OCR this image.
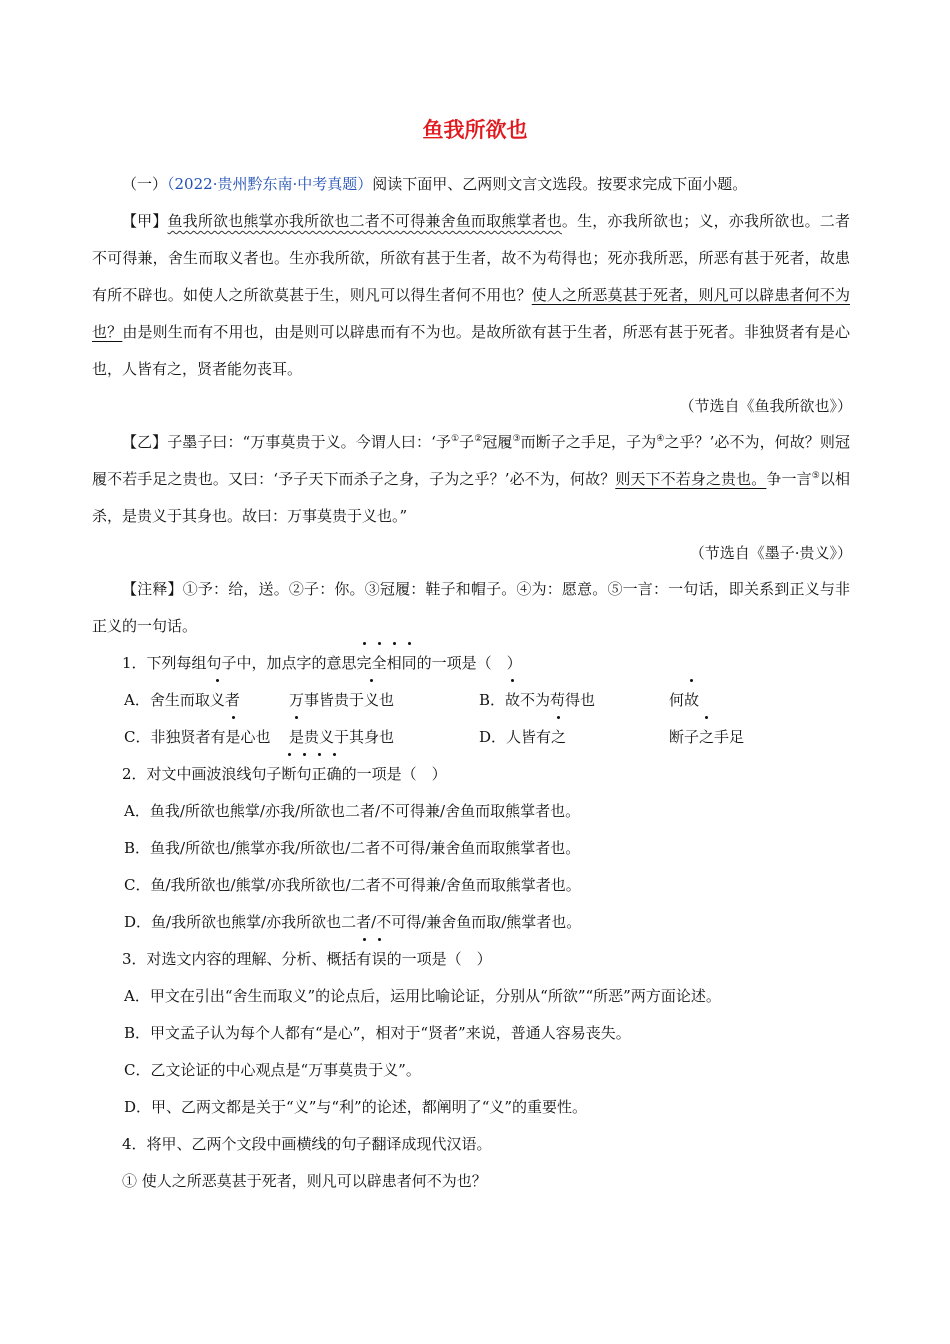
鱼我所欲也
（一）（2022·贵州黔东南·中考真题）阅读下面甲、乙两则文言文选段。按要求完成下面小题。
【甲】鱼我所欲也熊掌亦我所欲也二者不可得兼舍鱼而取熊掌者也。生，亦我所欲也；义，亦我所欲也。二者不可得兼，舍生而取义者也。生亦我所欲，所欲有甚于生者，故不为苟得也；死亦我所恶，所恶有甚于死者，故患有所不辟也。如使人之所欲莫甚于生，则凡可以得生者何不用也？使人之所恶莫甚于死者，则凡可以辟患者何不为也？由是则生而有不用也，由是则可以辟患而有不为也。是故所欲有甚于生者，所恶有甚于死者。非独贤者有是心也，人皆有之，贤者能勿丧耳。
（节选自《鱼我所欲也》）
【乙】子墨子曰：“万事莫贵于义。今谓人曰：‘予①子②冠履③而断子之手足，子为④之乎？’必不为，何故？则冠履不若手足之贵也。又曰：‘予子天下而杀子之身，子为之乎？’必不为，何故？则天下不若身之贵也。争一言⑤以相杀，是贵义于其身也。故曰：万事莫贵于义也。”
（节选自《墨子·贵义》）
【注释】①予：给，送。②子：你。③冠履：鞋子和帽子。④为：愿意。⑤一言：一句话，即关系到正义与非正义的一句话。
1．下列每组句子中，加点字的意思完全相同的一项是（　）
A．舍生而取义者	万事皆贵于义也	B．故不为苟得也	何故
C．非独贤者有是心也	是贵义于其身也	D．人皆有之	断子之手足
2．对文中画波浪线句子断句正确的一项是（　）
A．鱼我/所欲也熊掌/亦我/所欲也二者/不可得兼/舍鱼而取熊掌者也。
B．鱼我/所欲也/熊掌亦我/所欲也/二者不可得/兼舍鱼而取熊掌者也。
C．鱼/我所欲也/熊掌/亦我所欲也/二者不可得兼/舍鱼而取熊掌者也。
D．鱼/我所欲也熊掌/亦我所欲也二者/不可得/兼舍鱼而取/熊掌者也。
3．对选文内容的理解、分析、概括有误的一项是（　）
A．甲文在引出“舍生而取义”的论点后，运用比喻论证，分别从“所欲”“所恶”两方面论述。
B．甲文孟子认为每个人都有“是心”，相对于“贤者”来说，普通人容易丧失。
C．乙文论证的中心观点是“万事莫贵于义”。
D．甲、乙两文都是关于“义”与“利”的论述，都阐明了“义”的重要性。
4．将甲、乙两个文段中画横线的句子翻译成现代汉语。
① 使人之所恶莫甚于死者，则凡可以辟患者何不为也？
